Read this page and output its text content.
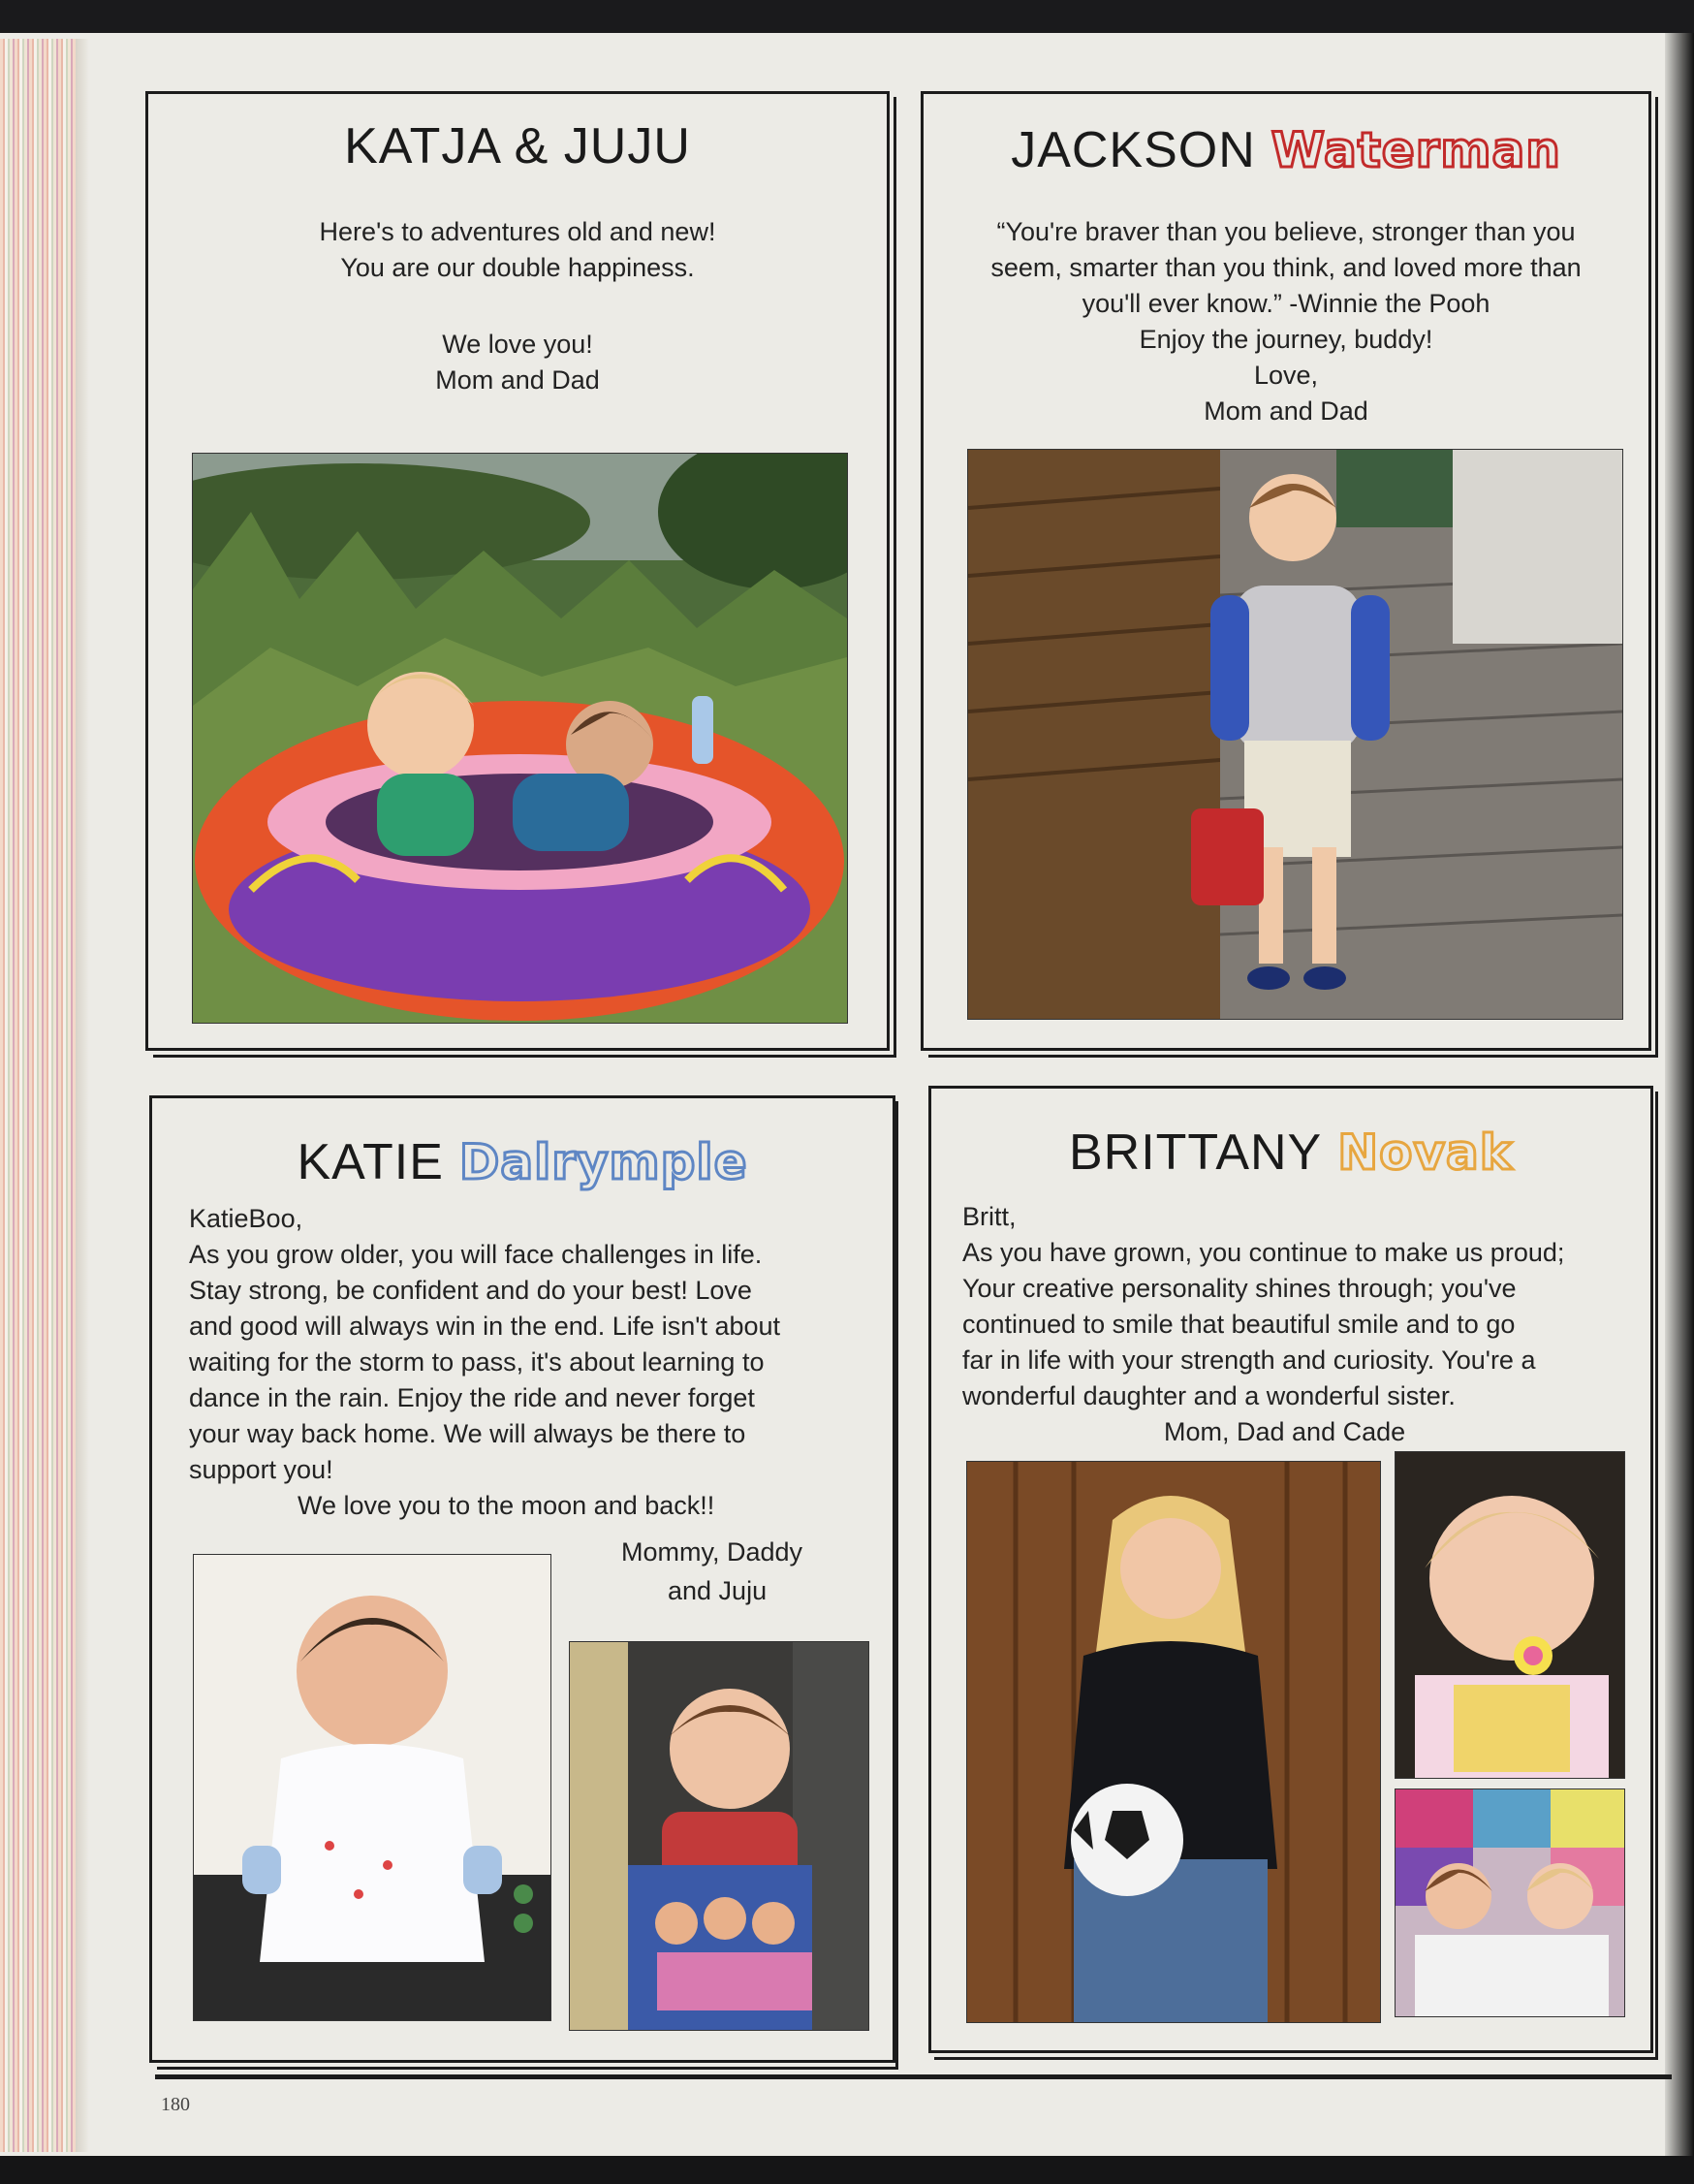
KATJA & JUJU
Here's to adventures old and new!
You are our double happiness.
We love you!
Mom and Dad
JACKSON Waterman
“You're braver than you believe, stronger than you
seem, smarter than you think, and loved more than
you'll ever know.” -Winnie the Pooh
Enjoy the journey, buddy!
Love,
Mom and Dad
KATIE Dalrymple
KatieBoo,
As you grow older, you will face challenges in life.
Stay strong, be confident and do your best! Love
and good will always win in the end. Life isn't about
waiting for the storm to pass, it's about learning to
dance in the rain. Enjoy the ride and never forget
your way back home. We will always be there to
support you!
We love you to the moon and back!!
Mommy, Daddy
and Juju
BRITTANY Novak
Britt,
As you have grown, you continue to make us proud;
Your creative personality shines through; you've
continued to smile that beautiful smile and to go
far in life with your strength and curiosity. You're a
wonderful daughter and a wonderful sister.
Mom, Dad and Cade
180
